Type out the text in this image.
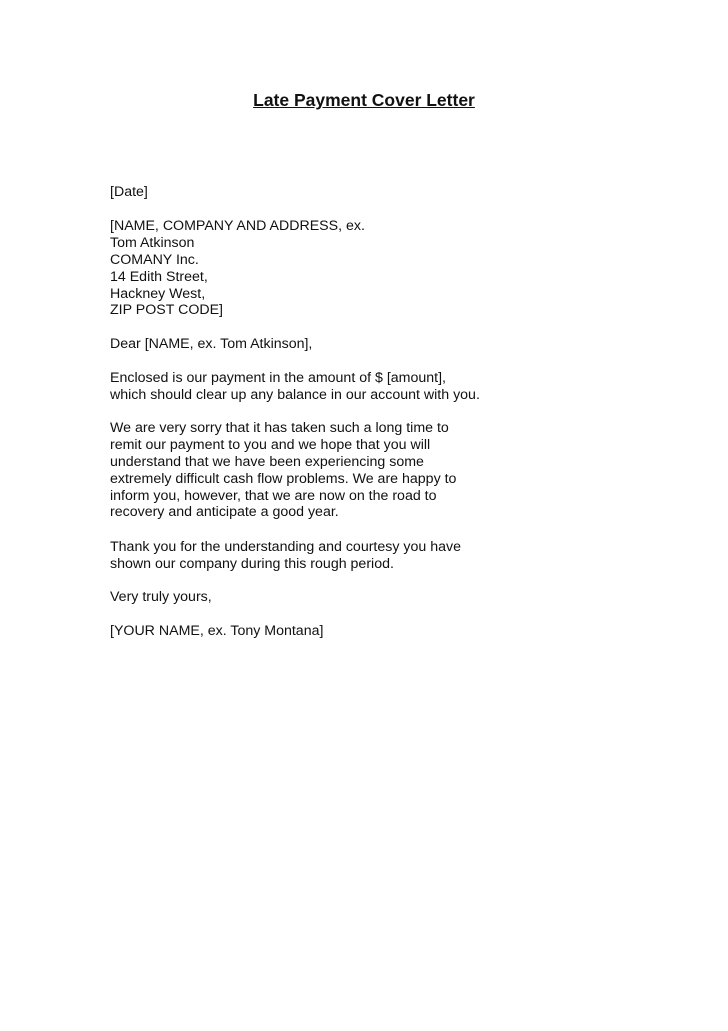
Late Payment Cover Letter
[Date]
[NAME, COMPANY AND ADDRESS, ex.
Tom Atkinson
COMANY Inc.
14 Edith Street,
Hackney West,
ZIP POST CODE]
Dear [NAME, ex. Tom Atkinson],
Enclosed is our payment in the amount of $ [amount],
which should clear up any balance in our account with you.
We are very sorry that it has taken such a long time to
remit our payment to you and we hope that you will
understand that we have been experiencing some
extremely difficult cash flow problems. We are happy to
inform you, however, that we are now on the road to
recovery and anticipate a good year.
Thank you for the understanding and courtesy you have
shown our company during this rough period.
Very truly yours,
[YOUR NAME, ex. Tony Montana]
